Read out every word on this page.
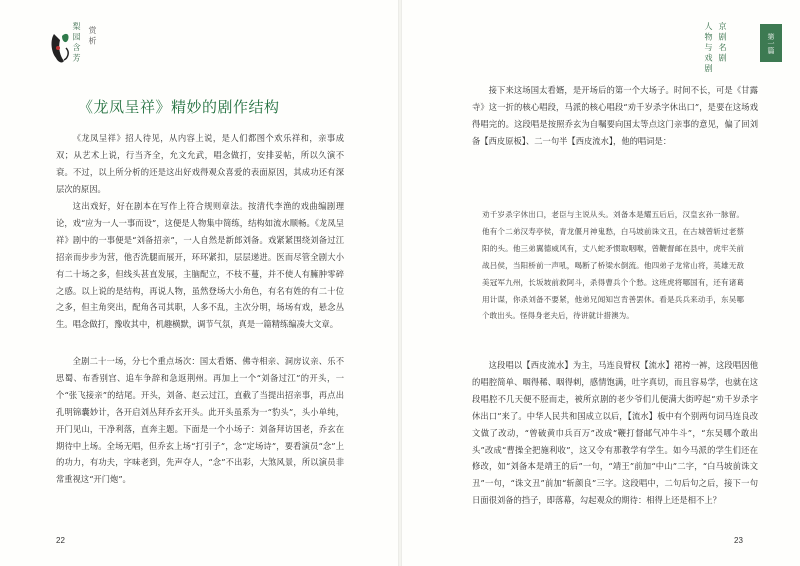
梨 园 含 芳 赏 析
《龙凤呈祥》精妙的剧作结构
《龙凤呈祥》招人待见，从内容上说，是人们都图个欢乐祥和，亲事成双；从艺术上说，行当齐全，允文允武，唱念做打，安排妥帖，所以久演不衰。不过，以上所分析的还是这出好戏得观众喜爱的表面原因，其成功还有深层次的原因。
这出戏好，好在剧本在写作上符合规则章法。按清代李渔的戏曲编剧理论，戏“应为一人一事而设”，这便是人物集中简练，结构如流水顺畅。《龙凤呈祥》剧中的一事便是“刘备招亲”，一人自然是新郎刘备。戏紧紧围绕刘备过江招亲而步步为营，他否洗腿而展开，环环紧扣，层层递进。医而尽管全剧大小有二十场之多，但线头甚直发展，主脑配立，不枝不蔓，并不使人有臃肿零碎之感。以上说的是结构，再说人物，虽然登场大小角色，有名有姓的有二十位之多，但主角突出，配角各司其职，人多不乱，主次分明，场场有戏，悬念丛生。唱念做打，豫收其中，机趣横默，调节气氛，真是一篇精练编凑大文章。
全剧二十一场，分七个重点场次：国太看婿、佛寺相亲、洞房议亲、乐不思蜀、布香别宫、追车争辞和急返荆州。再加上一个“刘备过江”的开头，一个“张飞接亲”的结尾。开头，刘备、赵云过江，直截了当提出招亲事，再点出孔明锦囊妙计，各开启刘丛拜乔玄开头。此开头虽系为一“豹头”，头小单纯，开门见山，干净利落，直奔主题。下面是一个小场子：刘备拜访国老，乔玄在期待中上场。全场无唱，但乔玄上场“打引子”，念“定场诗”，要看演员“念”上的功力，有功夫，字味老到，先声夺人，“念”不出彩，大煞风景，所以演员非常重视这“开门炮”。
22
人 物 与 戏 剧 京 剧 名 剧	第一篇
接下来这场国太看婿，是开场后的第一个大场子。时间不长，可是《甘露寺》这一折的核心唱段，马派的核心唱段“劝千岁杀字休出口”，是要在这场戏得唱完的。这段唱是按照乔玄为自嘱要向国太等点这门亲事的意见，偏了回刘备【西皮原板】、二一句半【西皮流水】，他的唱词是：
劝千岁杀字休出口，老臣与主说从头。刘备本是耀五后后，汉皇玄孙一脉留。他有个二弟汉寿亭侯，青龙偃月神鬼愁，白马坡前诛文丑，在古城曾斩过老蔡阳的头。他三弟翼德威风有，丈八蛇矛惯取咽喉，曾鞭督邮在县中，虎牢关前战吕侯，当阳桥前一声吼，喝断了桥梁水倒流。他四弟子龙常山将，英雄无敌美冠军九州，长坂坡前救阿斗，杀得曹兵个个愁。这班虎将哪国有，还有诸葛用计谋，你杀刘备不要紧，他弟兄闻知岂肯善罢休。看是兵兵来动手，东吴哪个敢出头。怪得身老夫后，待讲就计措澳为。
这段唱以【西皮流水】为主，马连良臂权【流水】裙袴一裤，这段唱因他的唱腔简单、咽得稀、咽得刺，感情饱满，吐字真切，而且容易学，也就在这段唱腔不几天便不胫而走，被所京剧的老少爷们儿便满大街哼起“劝千岁杀字休出口”来了。中华人民共和国成立以后，【流水】板中有个别两句词马连良改文做了改动，“曾破黄巾兵百万”改成“鞭打督邮气冲牛斗”，“东吴哪个敢出头”改成“曹操全把施利收”，这又令有那教学有学生。如今马派的学生们还在修改，如“刘备本是靖王的后”一句，“靖王”前加“中山”二字，“白马坡前诛文丑”一句，“诛文丑”前加“斩颜良”三字。这段唱中，二句后句之后，接下一句日面很刘备的挡子，即落幕，勾起观众的期待：相得上还是相不上？
23
